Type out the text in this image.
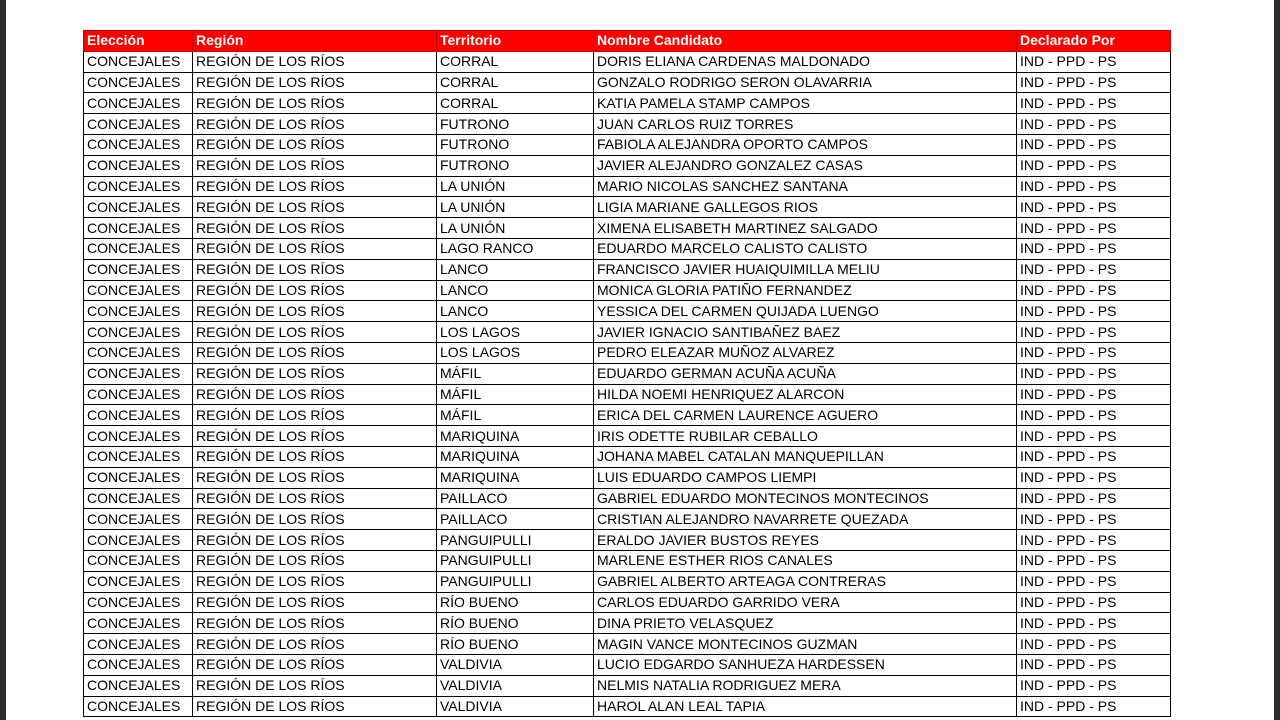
Elección	Región	Territorio	Nombre Candidato	Declarado Por
CONCEJALES	REGIÓN DE LOS RÍOS	CORRAL	DORIS ELIANA CARDENAS MALDONADO	IND - PPD - PS
CONCEJALES	REGIÓN DE LOS RÍOS	CORRAL	GONZALO RODRIGO SERON OLAVARRIA	IND - PPD - PS
CONCEJALES	REGIÓN DE LOS RÍOS	CORRAL	KATIA PAMELA STAMP CAMPOS	IND - PPD - PS
CONCEJALES	REGIÓN DE LOS RÍOS	FUTRONO	JUAN CARLOS RUIZ TORRES	IND - PPD - PS
CONCEJALES	REGIÓN DE LOS RÍOS	FUTRONO	FABIOLA ALEJANDRA OPORTO CAMPOS	IND - PPD - PS
CONCEJALES	REGIÓN DE LOS RÍOS	FUTRONO	JAVIER ALEJANDRO GONZALEZ CASAS	IND - PPD - PS
CONCEJALES	REGIÓN DE LOS RÍOS	LA UNIÓN	MARIO NICOLAS SANCHEZ SANTANA	IND - PPD - PS
CONCEJALES	REGIÓN DE LOS RÍOS	LA UNIÓN	LIGIA MARIANE GALLEGOS RIOS	IND - PPD - PS
CONCEJALES	REGIÓN DE LOS RÍOS	LA UNIÓN	XIMENA ELISABETH MARTINEZ SALGADO	IND - PPD - PS
CONCEJALES	REGIÓN DE LOS RÍOS	LAGO RANCO	EDUARDO MARCELO CALISTO CALISTO	IND - PPD - PS
CONCEJALES	REGIÓN DE LOS RÍOS	LANCO	FRANCISCO JAVIER HUAIQUIMILLA MELIU	IND - PPD - PS
CONCEJALES	REGIÓN DE LOS RÍOS	LANCO	MONICA GLORIA PATIÑO FERNANDEZ	IND - PPD - PS
CONCEJALES	REGIÓN DE LOS RÍOS	LANCO	YESSICA DEL CARMEN QUIJADA LUENGO	IND - PPD - PS
CONCEJALES	REGIÓN DE LOS RÍOS	LOS LAGOS	JAVIER IGNACIO SANTIBAÑEZ BAEZ	IND - PPD - PS
CONCEJALES	REGIÓN DE LOS RÍOS	LOS LAGOS	PEDRO ELEAZAR MUÑOZ ALVAREZ	IND - PPD - PS
CONCEJALES	REGIÓN DE LOS RÍOS	MÁFIL	EDUARDO GERMAN ACUÑA ACUÑA	IND - PPD - PS
CONCEJALES	REGIÓN DE LOS RÍOS	MÁFIL	HILDA NOEMI HENRIQUEZ ALARCON	IND - PPD - PS
CONCEJALES	REGIÓN DE LOS RÍOS	MÁFIL	ERICA DEL CARMEN LAURENCE AGUERO	IND - PPD - PS
CONCEJALES	REGIÓN DE LOS RÍOS	MARIQUINA	IRIS ODETTE RUBILAR CEBALLO	IND - PPD - PS
CONCEJALES	REGIÓN DE LOS RÍOS	MARIQUINA	JOHANA MABEL CATALAN MANQUEPILLAN	IND - PPD - PS
CONCEJALES	REGIÓN DE LOS RÍOS	MARIQUINA	LUIS EDUARDO CAMPOS LIEMPI	IND - PPD - PS
CONCEJALES	REGIÓN DE LOS RÍOS	PAILLACO	GABRIEL EDUARDO MONTECINOS MONTECINOS	IND - PPD - PS
CONCEJALES	REGIÓN DE LOS RÍOS	PAILLACO	CRISTIAN ALEJANDRO NAVARRETE QUEZADA	IND - PPD - PS
CONCEJALES	REGIÓN DE LOS RÍOS	PANGUIPULLI	ERALDO JAVIER BUSTOS REYES	IND - PPD - PS
CONCEJALES	REGIÓN DE LOS RÍOS	PANGUIPULLI	MARLENE ESTHER RIOS CANALES	IND - PPD - PS
CONCEJALES	REGIÓN DE LOS RÍOS	PANGUIPULLI	GABRIEL ALBERTO ARTEAGA CONTRERAS	IND - PPD - PS
CONCEJALES	REGIÓN DE LOS RÍOS	RÍO BUENO	CARLOS EDUARDO GARRIDO VERA	IND - PPD - PS
CONCEJALES	REGIÓN DE LOS RÍOS	RÍO BUENO	DINA PRIETO VELASQUEZ	IND - PPD - PS
CONCEJALES	REGIÓN DE LOS RÍOS	RÍO BUENO	MAGIN VANCE MONTECINOS GUZMAN	IND - PPD - PS
CONCEJALES	REGIÓN DE LOS RÍOS	VALDIVIA	LUCIO EDGARDO SANHUEZA HARDESSEN	IND - PPD - PS
CONCEJALES	REGIÓN DE LOS RÍOS	VALDIVIA	NELMIS NATALIA RODRIGUEZ MERA	IND - PPD - PS
CONCEJALES	REGIÓN DE LOS RÍOS	VALDIVIA	HAROL ALAN LEAL TAPIA	IND - PPD - PS
